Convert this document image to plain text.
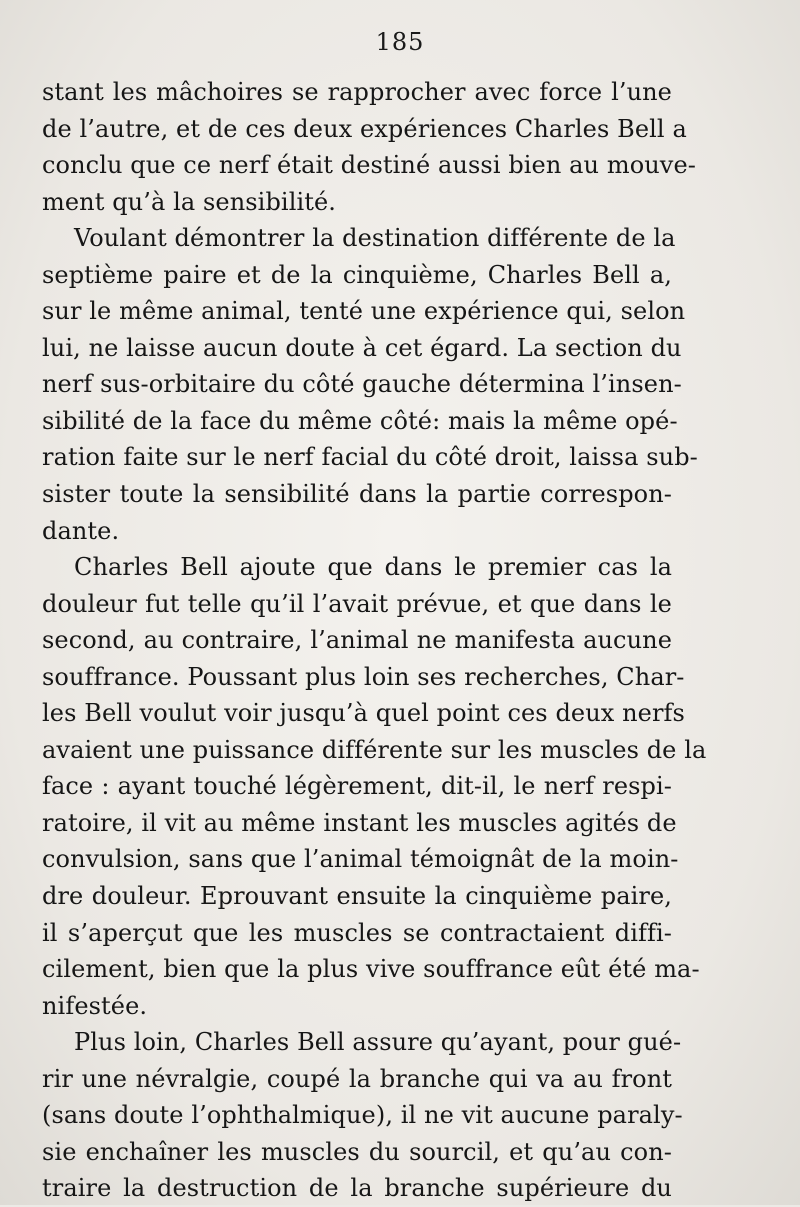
185
stant les mâchoires se rapprocher avec force l’une
de l’autre, et de ces deux expériences Charles Bell a
conclu que ce nerf était destiné aussi bien au mouve-
ment qu’à la sensibilité.
Voulant démontrer la destination différente de la
septième paire et de la cinquième, Charles Bell a,
sur le même animal, tenté une expérience qui, selon
lui, ne laisse aucun doute à cet égard. La section du
nerf sus-orbitaire du côté gauche détermina l’insen-
sibilité de la face du même côté: mais la même opé-
ration faite sur le nerf facial du côté droit, laissa sub-
sister toute la sensibilité dans la partie correspon-
dante.
Charles Bell ajoute que dans le premier cas la
douleur fut telle qu’il l’avait prévue, et que dans le
second, au contraire, l’animal ne manifesta aucune
souffrance. Poussant plus loin ses recherches, Char-
les Bell voulut voir jusqu’à quel point ces deux nerfs
avaient une puissance différente sur les muscles de la
face : ayant touché légèrement, dit-il, le nerf respi-
ratoire, il vit au même instant les muscles agités de
convulsion, sans que l’animal témoignât de la moin-
dre douleur. Eprouvant ensuite la cinquième paire,
il s’aperçut que les muscles se contractaient diffi-
cilement, bien que la plus vive souffrance eût été ma-
nifestée.
Plus loin, Charles Bell assure qu’ayant, pour gué-
rir une névralgie, coupé la branche qui va au front
(sans doute l’ophthalmique), il ne vit aucune paraly-
sie enchaîner les muscles du sourcil, et qu’au con-
traire la destruction de la branche supérieure du
